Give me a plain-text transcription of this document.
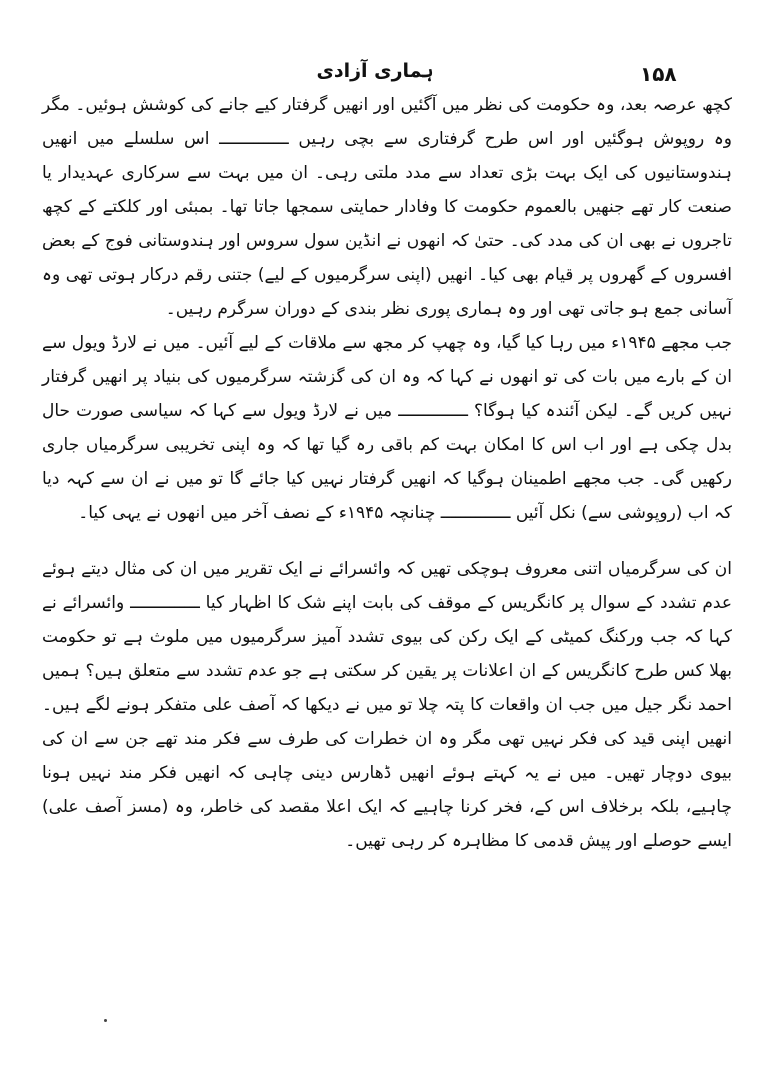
۱۵۸
ہماری آزادی

کچھ عرصہ بعد، وہ حکومت کی نظر میں آگئیں اور انھیں گرفتار کیے جانے کی کوشش ہوئیں۔ مگر وہ روپوش ہوگئیں اور اس طرح گرفتاری سے بچی رہیں ــــــــــــــ اس سلسلے میں انھیں ہندوستانیوں کی ایک بہت بڑی تعداد سے مدد ملتی رہی۔ ان میں بہت سے سرکاری عہدیدار یا صنعت کار تھے جنھیں بالعموم حکومت کا وفادار حمایتی سمجھا جاتا تھا۔ بمبئی اور کلکتے کے کچھ تاجروں نے بھی ان کی مدد کی۔ حتیٰ کہ انھوں نے انڈین سول سروس اور ہندوستانی فوج کے بعض افسروں کے گھروں پر قیام بھی کیا۔ انھیں (اپنی سرگرمیوں کے لیے) جتنی رقم درکار ہوتی تھی وہ آسانی جمع ہو جاتی تھی اور وہ ہماری پوری نظر بندی کے دوران سرگرم رہیں۔

جب مجھے ۱۹۴۵ء میں رہا کیا گیا، وہ چھپ کر مجھ سے ملاقات کے لیے آئیں۔ میں نے لارڈ ویول سے ان کے بارے میں بات کی تو انھوں نے کہا کہ وہ ان کی گزشتہ سرگرمیوں کی بنیاد پر انھیں گرفتار نہیں کریں گے۔ لیکن آئندہ کیا ہوگا؟ ــــــــــــــ میں نے لارڈ ویول سے کہا کہ سیاسی صورت حال بدل چکی ہے اور اب اس کا امکان بہت کم باقی رہ گیا تھا کہ وہ اپنی تخریبی سرگرمیاں جاری رکھیں گی۔ جب مجھے اطمینان ہوگیا کہ انھیں گرفتار نہیں کیا جائے گا تو میں نے ان سے کہہ دیا کہ اب (روپوشی سے) نکل آئیں ــــــــــــــ چنانچہ ۱۹۴۵ء کے نصف آخر میں انھوں نے یہی کیا۔

ان کی سرگرمیاں اتنی معروف ہوچکی تھیں کہ وائسرائے نے ایک تقریر میں ان کی مثال دیتے ہوئے عدم تشدد کے سوال پر کانگریس کے موقف کی بابت اپنے شک کا اظہار کیا ــــــــــــــ وائسرائے نے کہا کہ جب ورکنگ کمیٹی کے ایک رکن کی بیوی تشدد آمیز سرگرمیوں میں ملوث ہے تو حکومت بھلا کس طرح کانگریس کے ان اعلانات پر یقین کر سکتی ہے جو عدم تشدد سے متعلق ہیں؟ ہمیں احمد نگر جیل میں جب ان واقعات کا پتہ چلا تو میں نے دیکھا کہ آصف علی متفکر ہونے لگے ہیں۔ انھیں اپنی قید کی فکر نہیں تھی مگر وہ ان خطرات کی طرف سے فکر مند تھے جن سے ان کی بیوی دوچار تھیں۔ میں نے یہ کہتے ہوئے انھیں ڈھارس دینی چاہی کہ انھیں فکر مند نہیں ہونا چاہیے، بلکہ برخلاف اس کے، فخر کرنا چاہیے کہ ایک اعلا مقصد کی خاطر، وہ (مسز آصف علی) ایسے حوصلے اور پیش قدمی کا مظاہرہ کر رہی تھیں۔
